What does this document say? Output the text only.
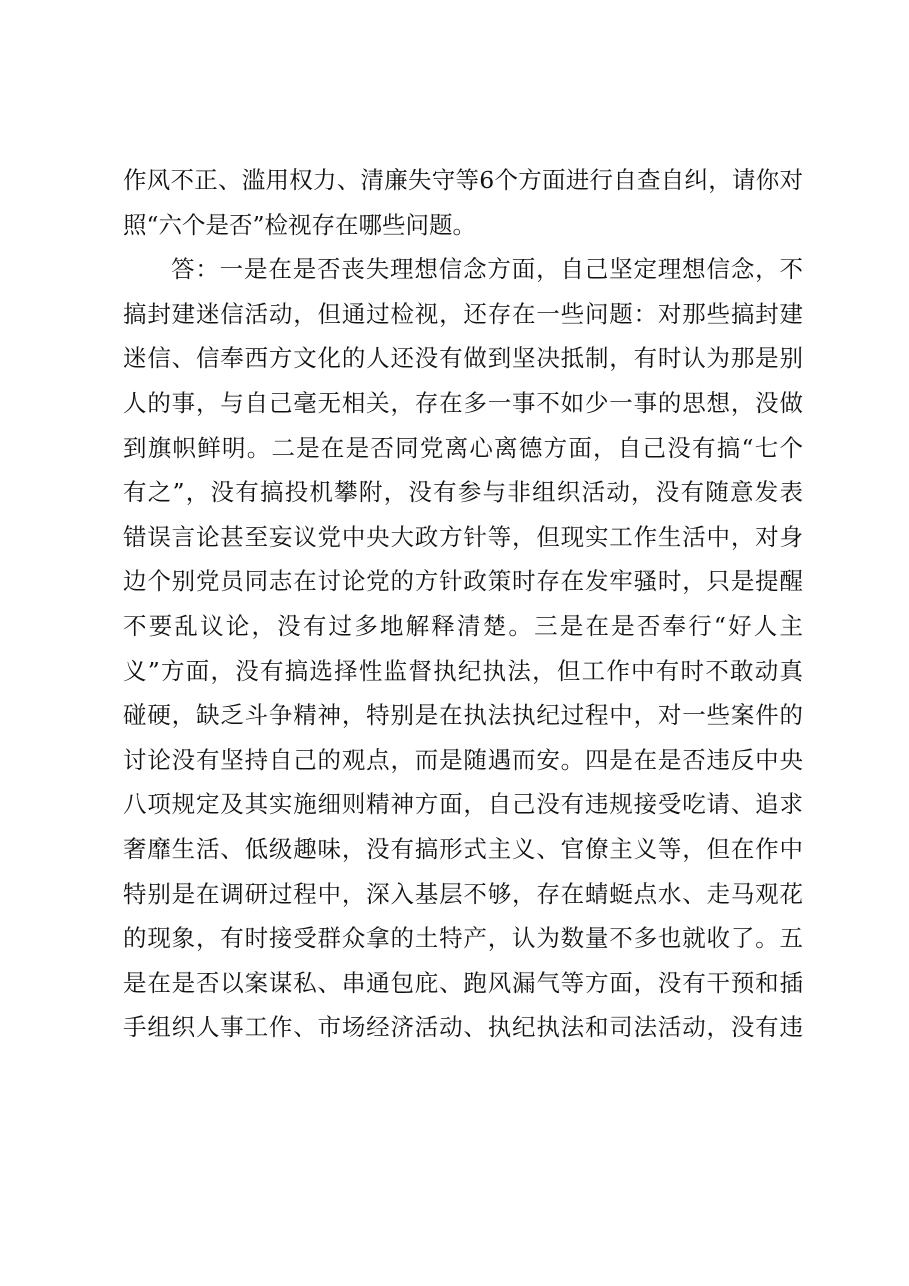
作风不正、滥用权力、清廉失守等6个方面进行自查自纠，请你对
照“六个是否”检视存在哪些问题。
答：一是在是否丧失理想信念方面，自己坚定理想信念，不
搞封建迷信活动，但通过检视，还存在一些问题：对那些搞封建
迷信、信奉西方文化的人还没有做到坚决抵制，有时认为那是别
人的事，与自己毫无相关，存在多一事不如少一事的思想，没做
到旗帜鲜明。二是在是否同党离心离德方面，自己没有搞“七个
有之”，没有搞投机攀附，没有参与非组织活动，没有随意发表
错误言论甚至妄议党中央大政方针等，但现实工作生活中，对身
边个别党员同志在讨论党的方针政策时存在发牢骚时，只是提醒
不要乱议论，没有过多地解释清楚。三是在是否奉行“好人主
义”方面，没有搞选择性监督执纪执法，但工作中有时不敢动真
碰硬，缺乏斗争精神，特别是在执法执纪过程中，对一些案件的
讨论没有坚持自己的观点，而是随遇而安。四是在是否违反中央
八项规定及其实施细则精神方面，自己没有违规接受吃请、追求
奢靡生活、低级趣味，没有搞形式主义、官僚主义等，但在作中
特别是在调研过程中，深入基层不够，存在蜻蜓点水、走马观花
的现象，有时接受群众拿的土特产，认为数量不多也就收了。五
是在是否以案谋私、串通包庇、跑风漏气等方面，没有干预和插
手组织人事工作、市场经济活动、执纪执法和司法活动，没有违
